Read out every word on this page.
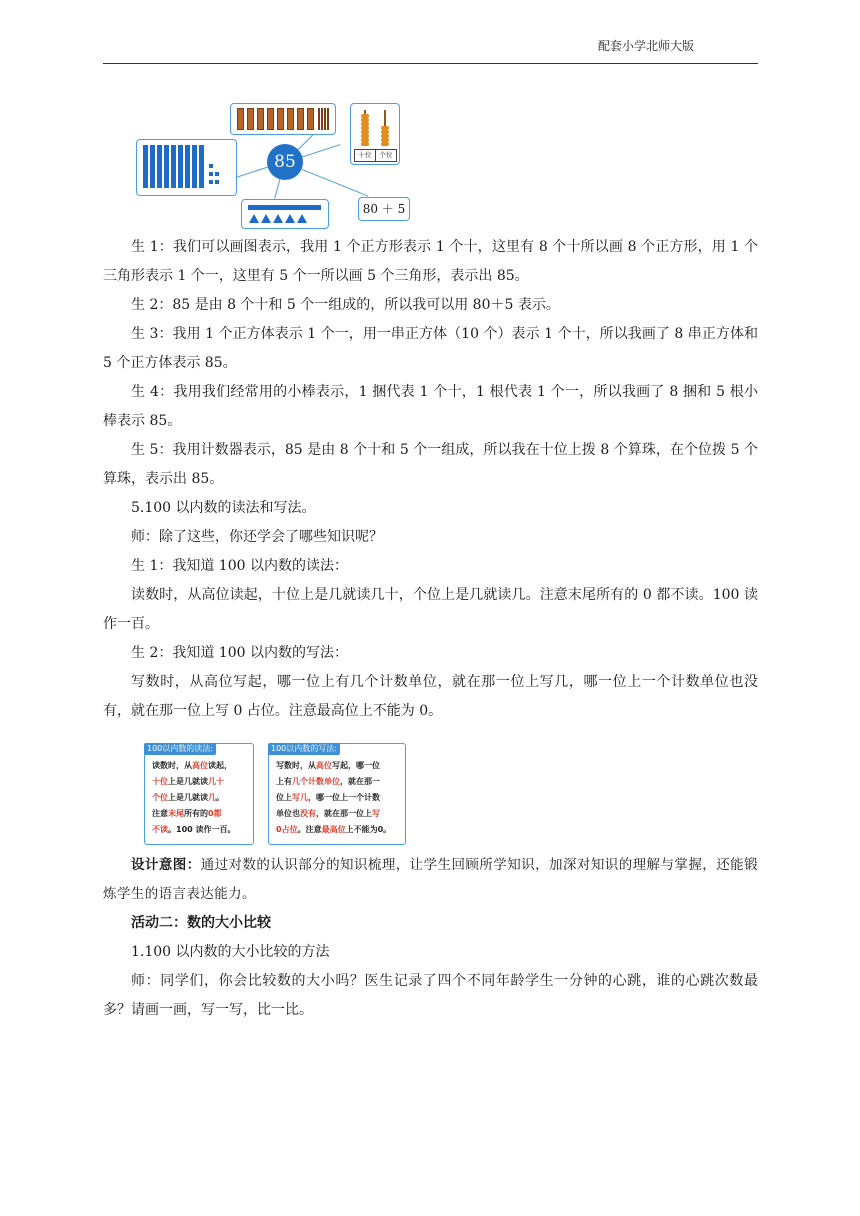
配套小学北师大版
85	十位	个位
80 ＋ 5

生 1：我们可以画图表示，我用 1 个正方形表示 1 个十，这里有 8 个十所以画 8 个正方形，用 1 个三角形表示 1 个一，这里有 5 个一所以画 5 个三角形，表示出 85。

生 2：85 是由 8 个十和 5 个一组成的，所以我可以用 80＋5 表示。

生 3：我用 1 个正方体表示 1 个一，用一串正方体（10 个）表示 1 个十，所以我画了 8 串正方体和 5 个正方体表示 85。

生 4：我用我们经常用的小棒表示，1 捆代表 1 个十，1 根代表 1 个一，所以我画了 8 捆和 5 根小棒表示 85。

生 5：我用计数器表示，85 是由 8 个十和 5 个一组成，所以我在十位上拨 8 个算珠，在个位拨 5 个算珠，表示出 85。

5.100 以内数的读法和写法。

师：除了这些，你还学会了哪些知识呢？

生 1：我知道 100 以内数的读法：

读数时，从高位读起，十位上是几就读几十，个位上是几就读几。注意末尾所有的 0 都不读。100 读作一百。

生 2：我知道 100 以内数的写法：

写数时，从高位写起，哪一位上有几个计数单位，就在那一位上写几，哪一位上一个计数单位也没有，就在那一位上写 0 占位。注意最高位上不能为 0。

100以内数的读法:
读数时，从高位读起，
十位上是几就读几十
个位上是几就读几。
注意末尾所有的0都
不读。100 读作一百。
100以内数的写法:
写数时，从高位写起，哪一位
上有几个计数单位，就在那一
位上写几，哪一位上一个计数
单位也没有，就在那一位上写
0占位。注意最高位上不能为0。

设计意图：通过对数的认识部分的知识梳理，让学生回顾所学知识，加深对知识的理解与掌握，还能锻炼学生的语言表达能力。

活动二：数的大小比较

1.100 以内数的大小比较的方法

师：同学们，你会比较数的大小吗？医生记录了四个不同年龄学生一分钟的心跳，谁的心跳次数最多？请画一画，写一写，比一比。
